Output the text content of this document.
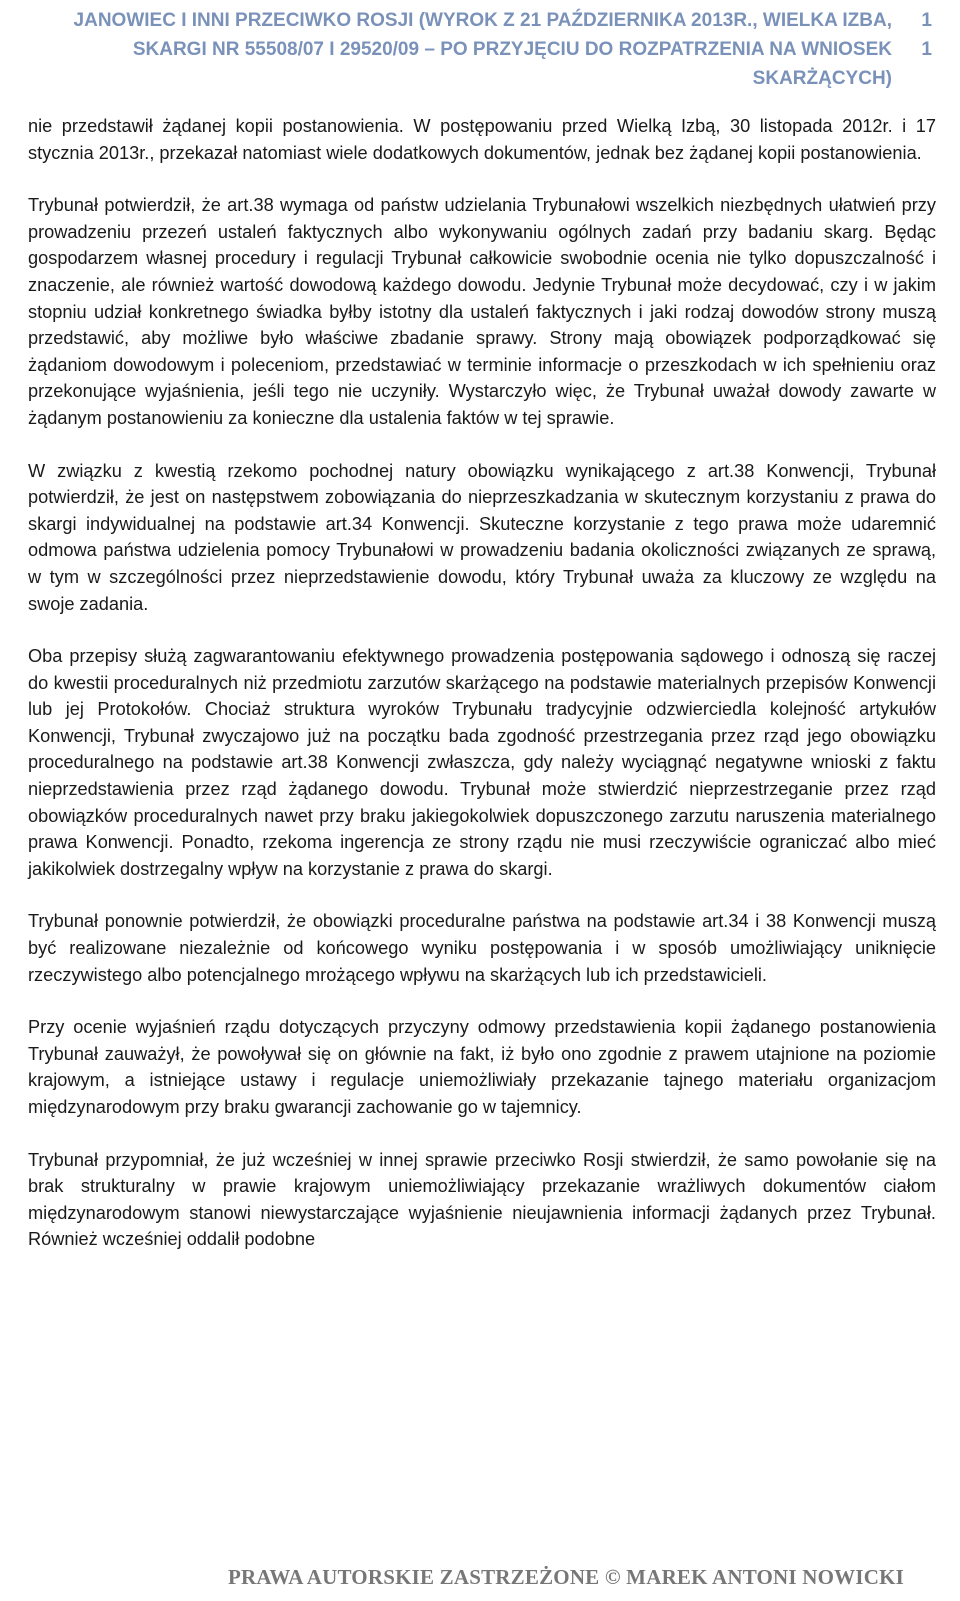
JANOWIEC I INNI PRZECIWKO ROSJI (WYROK Z 21 PAŹDZIERNIKA 2013R., WIELKA IZBA,
SKARGI NR 55508/07 I 29520/09 – PO PRZYJĘCIU DO ROZPATRZENIA NA WNIOSEK
SKARŻĄCYCH)
1
1

nie przedstawił żądanej kopii postanowienia. W postępowaniu przed Wielką Izbą, 30 listopada 2012r. i 17 stycznia 2013r., przekazał natomiast wiele dodatkowych dokumentów, jednak bez żądanej kopii postanowienia.

Trybunał potwierdził, że art.38 wymaga od państw udzielania Trybunałowi wszelkich niezbędnych ułatwień przy prowadzeniu przezeń ustaleń faktycznych albo wykonywaniu ogólnych zadań przy badaniu skarg. Będąc gospodarzem własnej procedury i regulacji Trybunał całkowicie swobodnie ocenia nie tylko dopuszczalność i znaczenie, ale również wartość dowodową każdego dowodu. Jedynie Trybunał może decydować, czy i w jakim stopniu udział konkretnego świadka byłby istotny dla ustaleń faktycznych i jaki rodzaj dowodów strony muszą przedstawić, aby możliwe było właściwe zbadanie sprawy. Strony mają obowiązek podporządkować się żądaniom dowodowym i poleceniom, przedstawiać w terminie informacje o przeszkodach w ich spełnieniu oraz przekonujące wyjaśnienia, jeśli tego nie uczyniły. Wystarczyło więc, że Trybunał uważał dowody zawarte w żądanym postanowieniu za konieczne dla ustalenia faktów w tej sprawie.

W związku z kwestią rzekomo pochodnej natury obowiązku wynikającego z art.38 Konwencji, Trybunał potwierdził, że jest on następstwem zobowiązania do nieprzeszkadzania w skutecznym korzystaniu z prawa do skargi indywidualnej na podstawie art.34 Konwencji. Skuteczne korzystanie z tego prawa może udaremnić odmowa państwa udzielenia pomocy Trybunałowi w prowadzeniu badania okoliczności związanych ze sprawą, w tym w szczególności przez nieprzedstawienie dowodu, który Trybunał uważa za kluczowy ze względu na swoje zadania.

Oba przepisy służą zagwarantowaniu efektywnego prowadzenia postępowania sądowego i odnoszą się raczej do kwestii proceduralnych niż przedmiotu zarzutów skarżącego na podstawie materialnych przepisów Konwencji lub jej Protokołów. Chociaż struktura wyroków Trybunału tradycyjnie odzwierciedla kolejność artykułów Konwencji, Trybunał zwyczajowo już na początku bada zgodność przestrzegania przez rząd jego obowiązku proceduralnego na podstawie art.38 Konwencji zwłaszcza, gdy należy wyciągnąć negatywne wnioski z faktu nieprzedstawienia przez rząd żądanego dowodu. Trybunał może stwierdzić nieprzestrzeganie przez rząd obowiązków proceduralnych nawet przy braku jakiegokolwiek dopuszczonego zarzutu naruszenia materialnego prawa Konwencji. Ponadto, rzekoma ingerencja ze strony rządu nie musi rzeczywiście ograniczać albo mieć jakikolwiek dostrzegalny wpływ na korzystanie z prawa do skargi.

Trybunał ponownie potwierdził, że obowiązki proceduralne państwa na podstawie art.34 i 38 Konwencji muszą być realizowane niezależnie od końcowego wyniku postępowania i w sposób umożliwiający uniknięcie rzeczywistego albo potencjalnego mrożącego wpływu na skarżących lub ich przedstawicieli.

Przy ocenie wyjaśnień rządu dotyczących przyczyny odmowy przedstawienia kopii żądanego postanowienia Trybunał zauważył, że powoływał się on głównie na fakt, iż było ono zgodnie z prawem utajnione na poziomie krajowym, a istniejące ustawy i regulacje uniemożliwiały przekazanie tajnego materiału organizacjom międzynarodowym przy braku gwarancji zachowanie go w tajemnicy.

Trybunał przypomniał, że już wcześniej w innej sprawie przeciwko Rosji stwierdził, że samo powołanie się na brak strukturalny w prawie krajowym uniemożliwiający przekazanie wrażliwych dokumentów ciałom międzynarodowym stanowi niewystarczające wyjaśnienie nieujawnienia informacji żądanych przez Trybunał. Również wcześniej oddalił podobne

PRAWA AUTORSKIE ZASTRZEŻONE © MAREK ANTONI NOWICKI
